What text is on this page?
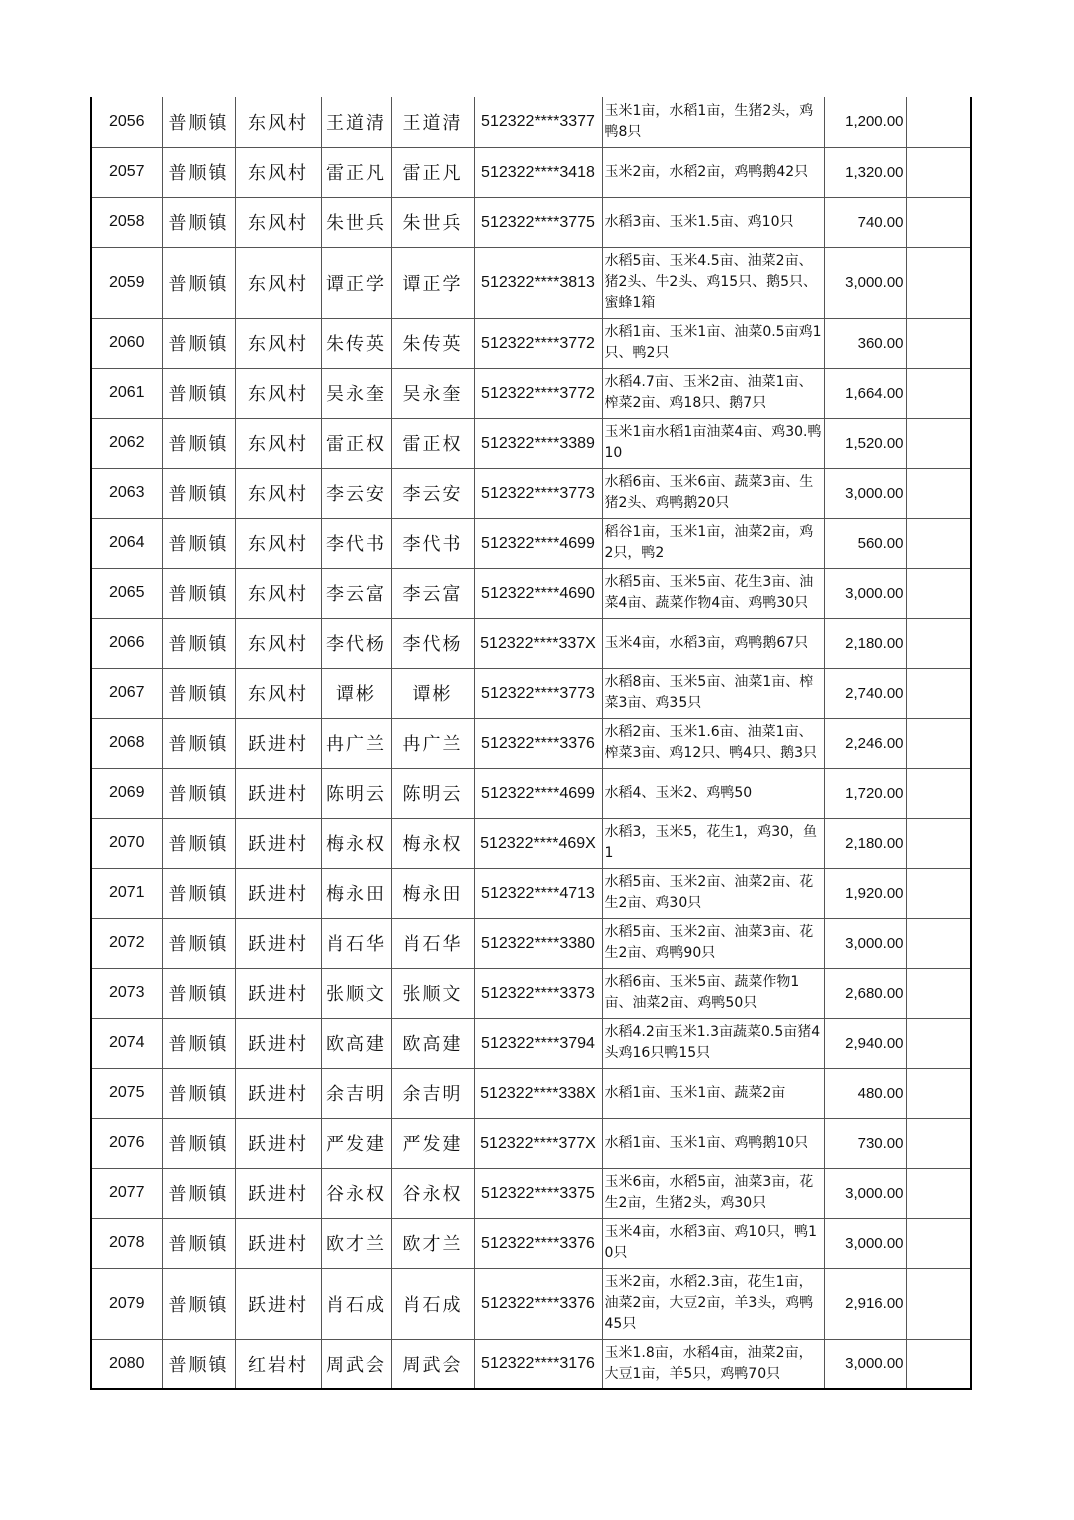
2056	普顺镇	东风村	王道清	王道清	512322****3377	玉米1亩，水稻1亩，生猪2头，鸡鸭8只	1,200.00	
2057	普顺镇	东风村	雷正凡	雷正凡	512322****3418	玉米2亩，水稻2亩，鸡鸭鹅42只	1,320.00	
2058	普顺镇	东风村	朱世兵	朱世兵	512322****3775	水稻3亩、玉米1.5亩、鸡10只	740.00	
2059	普顺镇	东风村	谭正学	谭正学	512322****3813	水稻5亩、玉米4.5亩、油菜2亩、猪2头、牛2头、鸡15只、鹅5只、蜜蜂1箱	3,000.00	
2060	普顺镇	东风村	朱传英	朱传英	512322****3772	水稻1亩、玉米1亩、油菜0.5亩鸡1只、鸭2只	360.00	
2061	普顺镇	东风村	吴永奎	吴永奎	512322****3772	水稻4.7亩、玉米2亩、油菜1亩、榨菜2亩、鸡18只、鹅7只	1,664.00	
2062	普顺镇	东风村	雷正权	雷正权	512322****3389	玉米1亩水稻1亩油菜4亩、鸡30.鸭10	1,520.00	
2063	普顺镇	东风村	李云安	李云安	512322****3773	水稻6亩、玉米6亩、蔬菜3亩、生猪2头、鸡鸭鹅20只	3,000.00	
2064	普顺镇	东风村	李代书	李代书	512322****4699	稻谷1亩，玉米1亩，油菜2亩，鸡2只，鸭2	560.00	
2065	普顺镇	东风村	李云富	李云富	512322****4690	水稻5亩、玉米5亩、花生3亩、油菜4亩、蔬菜作物4亩、鸡鸭30只	3,000.00	
2066	普顺镇	东风村	李代杨	李代杨	512322****337X	玉米4亩，水稻3亩，鸡鸭鹅67只	2,180.00	
2067	普顺镇	东风村	谭彬	谭彬	512322****3773	水稻8亩、玉米5亩、油菜1亩、榨菜3亩、鸡35只	2,740.00	
2068	普顺镇	跃进村	冉广兰	冉广兰	512322****3376	水稻2亩、玉米1.6亩、油菜1亩、榨菜3亩、鸡12只、鸭4只、鹅3只	2,246.00	
2069	普顺镇	跃进村	陈明云	陈明云	512322****4699	水稻4、玉米2、鸡鸭50	1,720.00	
2070	普顺镇	跃进村	梅永权	梅永权	512322****469X	水稻3，玉米5，花生1，鸡30，鱼1	2,180.00	
2071	普顺镇	跃进村	梅永田	梅永田	512322****4713	水稻5亩、玉米2亩、油菜2亩、花生2亩、鸡30只	1,920.00	
2072	普顺镇	跃进村	肖石华	肖石华	512322****3380	水稻5亩、玉米2亩、油菜3亩、花生2亩、鸡鸭90只	3,000.00	
2073	普顺镇	跃进村	张顺文	张顺文	512322****3373	水稻6亩、玉米5亩、蔬菜作物1亩、油菜2亩、鸡鸭50只	2,680.00	
2074	普顺镇	跃进村	欧高建	欧高建	512322****3794	水稻4.2亩玉米1.3亩蔬菜0.5亩猪4头鸡16只鸭15只	2,940.00	
2075	普顺镇	跃进村	余吉明	余吉明	512322****338X	水稻1亩、玉米1亩、蔬菜2亩	480.00	
2076	普顺镇	跃进村	严发建	严发建	512322****377X	水稻1亩、玉米1亩、鸡鸭鹅10只	730.00	
2077	普顺镇	跃进村	谷永权	谷永权	512322****3375	玉米6亩，水稻5亩，油菜3亩，花生2亩，生猪2头，鸡30只	3,000.00	
2078	普顺镇	跃进村	欧才兰	欧才兰	512322****3376	玉米4亩，水稻3亩、鸡10只，鸭10只	3,000.00	
2079	普顺镇	跃进村	肖石成	肖石成	512322****3376	玉米2亩，水稻2.3亩，花生1亩，油菜2亩，大豆2亩，羊3头，鸡鸭45只	2,916.00	
2080	普顺镇	红岩村	周武会	周武会	512322****3176	玉米1.8亩，水稻4亩，油菜2亩，大豆1亩，羊5只，鸡鸭70只	3,000.00	
